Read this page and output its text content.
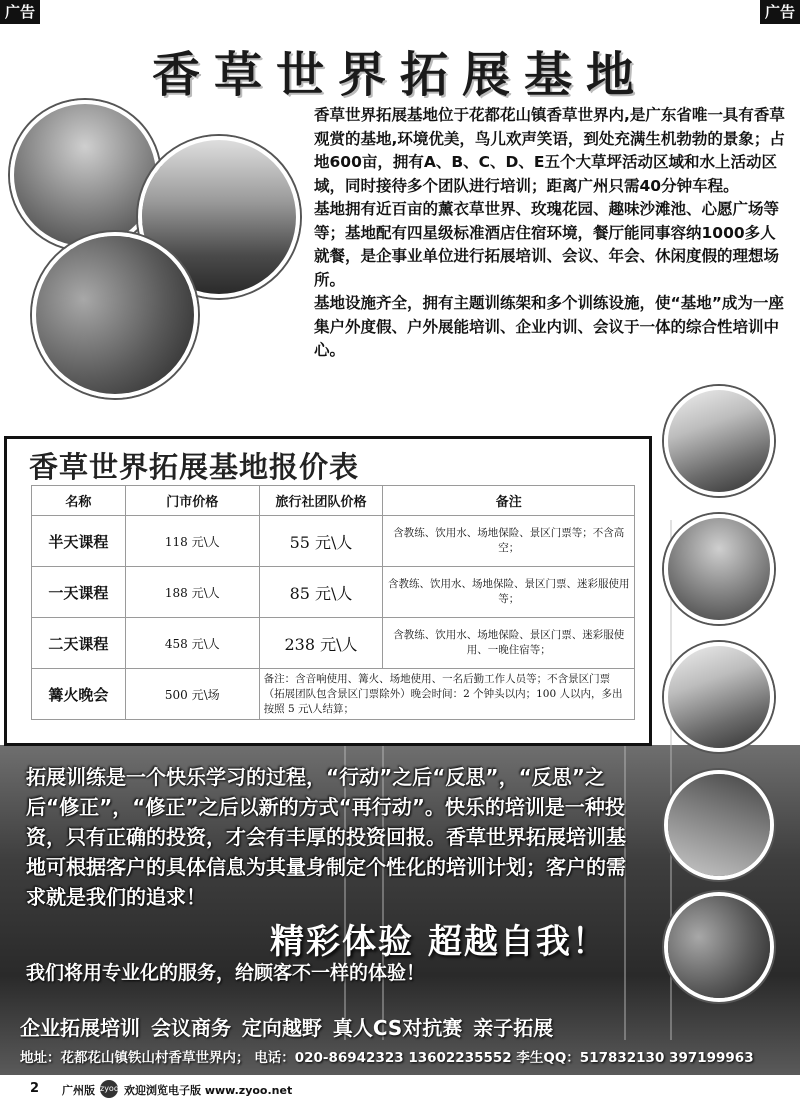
广告	广告
香草世界拓展基地

香草世界拓展基地位于花都花山镇香草世界内,是广东省唯一具有香草观赏的基地,环境优美，鸟儿欢声笑语，到处充满生机勃勃的景象；占地600亩，拥有A、B、C、D、E五个大草坪活动区域和水上活动区域，同时接待多个团队进行培训；距离广州只需40分钟车程。

基地拥有近百亩的薰衣草世界、玫瑰花园、趣味沙滩池、心愿广场等等；基地配有四星级标准酒店住宿环境，餐厅能同事容纳1000多人就餐，是企事业单位进行拓展培训、会议、年会、休闲度假的理想场所。

基地设施齐全，拥有主题训练架和多个训练设施，使“基地”成为一座集户外度假、户外展能培训、企业内训、会议于一体的综合性培训中心。

香草世界拓展基地报价表
名称	门市价格	旅行社团队价格	备注
半天课程	118 元\人	55 元\人	含教练、饮用水、场地保险、景区门票等；不含高空；
一天课程	188 元\人	85 元\人	含教练、饮用水、场地保险、景区门票、迷彩服使用等；
二天课程	458 元\人	238 元\人	含教练、饮用水、场地保险、景区门票、迷彩服使用、一晚住宿等；
篝火晚会	500 元\场	备注：含音响使用、篝火、场地使用、一名后勤工作人员等；不含景区门票（拓展团队包含景区门票除外）晚会时间：2 个钟头以内；100 人以内，多出按照 5 元\人结算；	
拓展训练是一个快乐学习的过程，“行动”之后“反思”，“反思”之后“修正”，“修正”之后以新的方式“再行动”。快乐的培训是一种投资，只有正确的投资，才会有丰厚的投资回报。香草世界拓展培训基地可根据客户的具体信息为其量身制定个性化的培训计划；客户的需求就是我们的追求！
精彩体验 超越自我！
我们将用专业化的服务，给顾客不一样的体验！
企业拓展培训 会议商务 定向越野 真人CS对抗赛 亲子拓展
地址：花都花山镇铁山村香草世界内； 电话：020-86942323 13602235552 李生QQ：517832130 397199963
2 广州版 zyoo 欢迎浏览电子版 www.zyoo.net
